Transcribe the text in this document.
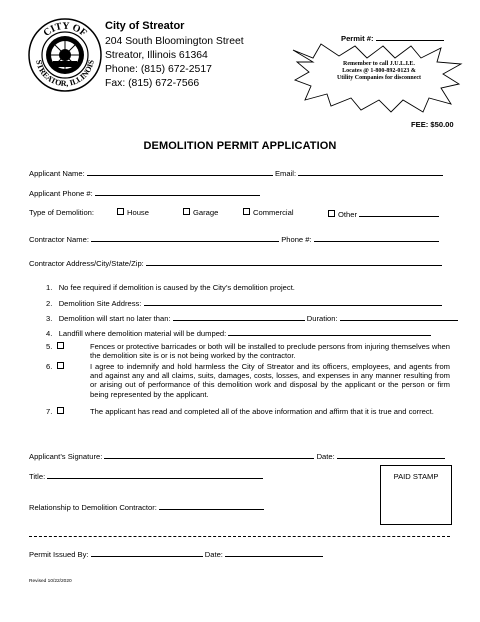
CITY OF
STREATOR, ILLINOIS
City of Streator
204 South Bloomington Street
Streator, Illinois 61364
Phone: (815) 672-2517
Fax: (815) 672-7566
Permit #:
Remember to call J.U.L.I.E.
Locates @ 1-800-892-0123 &
Utility Companies for disconnect
FEE: $50.00
DEMOLITION PERMIT APPLICATION
Applicant Name:	Email:
Applicant Phone #:
Type of Demolition:	House	Garage	Commercial	Other
Contractor Name:	Phone #:
Contractor Address/City/State/Zip:
1. No fee required if demolition is caused by the City’s demolition project.
2. Demolition Site Address:
3. Demolition will start no later than:	Duration:
4. Landfill where demolition material will be dumped:
5.	Fences or protective barricades or both will be installed to preclude persons from injuring themselves when the demolition site is or is not being worked by the contractor.
6.	I agree to indemnify and hold harmless the City of Streator and its officers, employees, and agents from and against any and all claims, suits, damages, costs, losses, and expenses in any manner resulting from or arising out of performance of this demolition work and disposal by the applicant or the person or firm being represented by the applicant.
7.	The applicant has read and completed all of the above information and affirm that it is true and correct.
Applicant’s Signature:	Date:
Title:	PAID STAMP
Relationship to Demolition Contractor:
Permit Issued By:	Date:
Revised 10/22/2020
